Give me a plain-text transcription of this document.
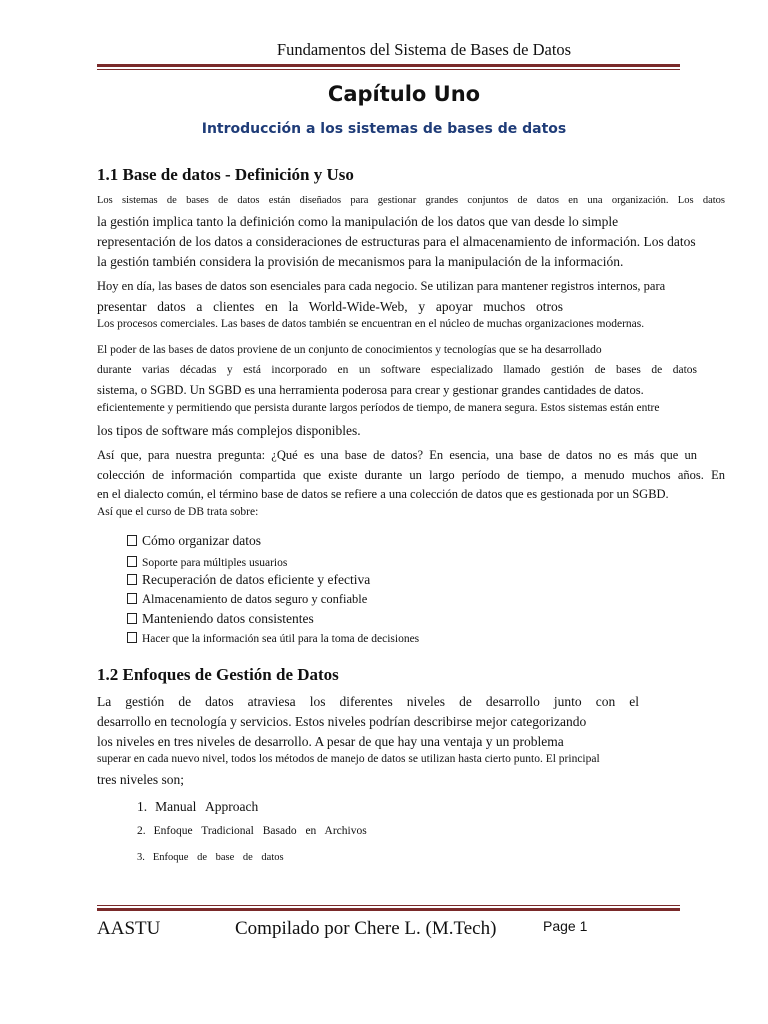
Fundamentos del Sistema de Bases de Datos
Capítulo Uno
Introducción a los sistemas de bases de datos
1.1 Base de datos - Definición y Uso
Los sistemas de bases de datos están diseñados para gestionar grandes conjuntos de datos en una organización. Los datos
la gestión implica tanto la definición como la manipulación de los datos que van desde lo simple
representación de los datos a consideraciones de estructuras para el almacenamiento de información. Los datos
la gestión también considera la provisión de mecanismos para la manipulación de la información.
Hoy en día, las bases de datos son esenciales para cada negocio. Se utilizan para mantener registros internos, para
presentar datos a clientes en la World-Wide-Web, y apoyar muchos otros
Los procesos comerciales. Las bases de datos también se encuentran en el núcleo de muchas organizaciones modernas.
El poder de las bases de datos proviene de un conjunto de conocimientos y tecnologías que se ha desarrollado
durante varias décadas y está incorporado en un software especializado llamado gestión de bases de datos
sistema, o SGBD. Un SGBD es una herramienta poderosa para crear y gestionar grandes cantidades de datos.
eficientemente y permitiendo que persista durante largos períodos de tiempo, de manera segura. Estos sistemas están entre
los tipos de software más complejos disponibles.
Así que, para nuestra pregunta: ¿Qué es una base de datos? En esencia, una base de datos no es más que un
colección de información compartida que existe durante un largo período de tiempo, a menudo muchos años. En
en el dialecto común, el término base de datos se refiere a una colección de datos que es gestionada por un SGBD.
Así que el curso de DB trata sobre:
Cómo organizar datos
Soporte para múltiples usuarios
Recuperación de datos eficiente y efectiva
Almacenamiento de datos seguro y confiable
Manteniendo datos consistentes
Hacer que la información sea útil para la toma de decisiones
1.2 Enfoques de Gestión de Datos
La gestión de datos atraviesa los diferentes niveles de desarrollo junto con el
desarrollo en tecnología y servicios. Estos niveles podrían describirse mejor categorizando
los niveles en tres niveles de desarrollo. A pesar de que hay una ventaja y un problema
superar en cada nuevo nivel, todos los métodos de manejo de datos se utilizan hasta cierto punto. El principal
tres niveles son;
1. Manual Approach
2. Enfoque Tradicional Basado en Archivos
3. Enfoque de base de datos
AASTU	Compilado por Chere L. (M.Tech)	Page 1
